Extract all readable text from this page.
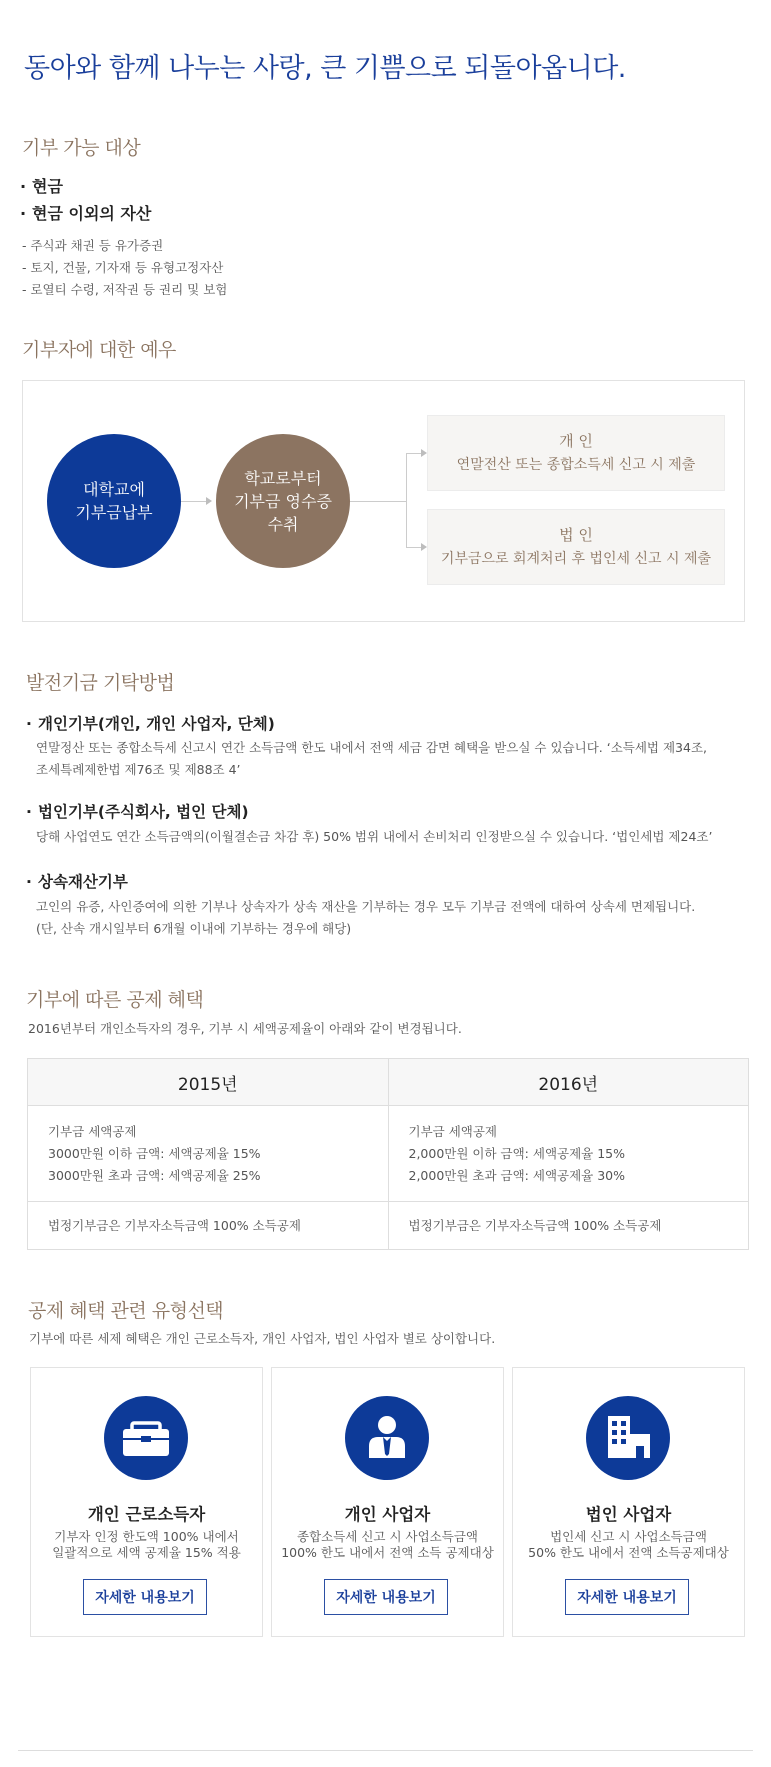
동아와 함께 나누는 사랑, 큰 기쁨으로 되돌아옵니다.
기부 가능 대상
· 현금
· 현금 이외의 자산
- 주식과 채권 등 유가증권
- 토지, 건물, 기자재 등 유형고정자산
- 로열티 수령, 저작권 등 권리 및 보험
기부자에 대한 예우
대학교에
기부금납부
학교로부터
기부금 영수증
수취
개 인
연말전산 또는 종합소득세 신고 시 제출
법 인
기부금으로 회계처리 후 법인세 신고 시 제출
발전기금 기탁방법
· 개인기부(개인, 개인 사업자, 단체)
연말정산 또는 종합소득세 신고시 연간 소득금액 한도 내에서 전액 세금 감면 혜택을 받으실 수 있습니다. ‘소득세법 제34조,
조세특례제한법 제76조 및 제88조 4’
· 법인기부(주식회사, 법인 단체)
당해 사업연도 연간 소득금액의(이월결손금 차감 후) 50% 범위 내에서 손비처리 인정받으실 수 있습니다. ‘법인세법 제24조’
· 상속재산기부
고인의 유증, 사인증여에 의한 기부나 상속자가 상속 재산을 기부하는 경우 모두 기부금 전액에 대하여 상속세 면제됩니다.
(단, 산속 개시일부터 6개월 이내에 기부하는 경우에 해당)
기부에 따른 공제 혜택
2016년부터 개인소득자의 경우, 기부 시 세액공제율이 아래와 같이 변경됩니다.
2015년	2016년

기부금 세액공제
3000만원 이하 금액: 세액공제율 15%
3000만원 초과 금액: 세액공제율 25%	기부금 세액공제
2,000만원 이하 금액: 세액공제율 15%
2,000만원 초과 금액: 세액공제율 30%

법정기부금은 기부자소득금액 100% 소득공제	법정기부금은 기부자소득금액 100% 소득공제
공제 혜택 관련 유형선택
기부에 따른 세제 혜택은 개인 근로소득자, 개인 사업자, 법인 사업자 별로 상이합니다.
개인 근로소득자
기부자 인정 한도액 100% 내에서
일괄적으로 세액 공제율 15% 적용
자세한 내용보기
개인 사업자
종합소득세 신고 시 사업소득금액
100% 한도 내에서 전액 소득 공제대상
자세한 내용보기
법인 사업자
법인세 신고 시 사업소득금액
50% 한도 내에서 전액 소득공제대상
자세한 내용보기
